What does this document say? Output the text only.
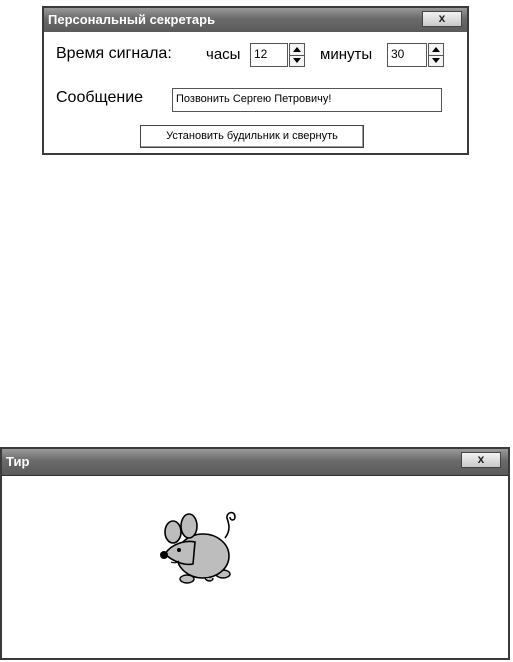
Персональный секретарь	x
Время сигнала: часы	12	минуты	30
Сообщение	Позвонить Сергею Петровичу!
Установить будильник и свернуть
Тир	x
